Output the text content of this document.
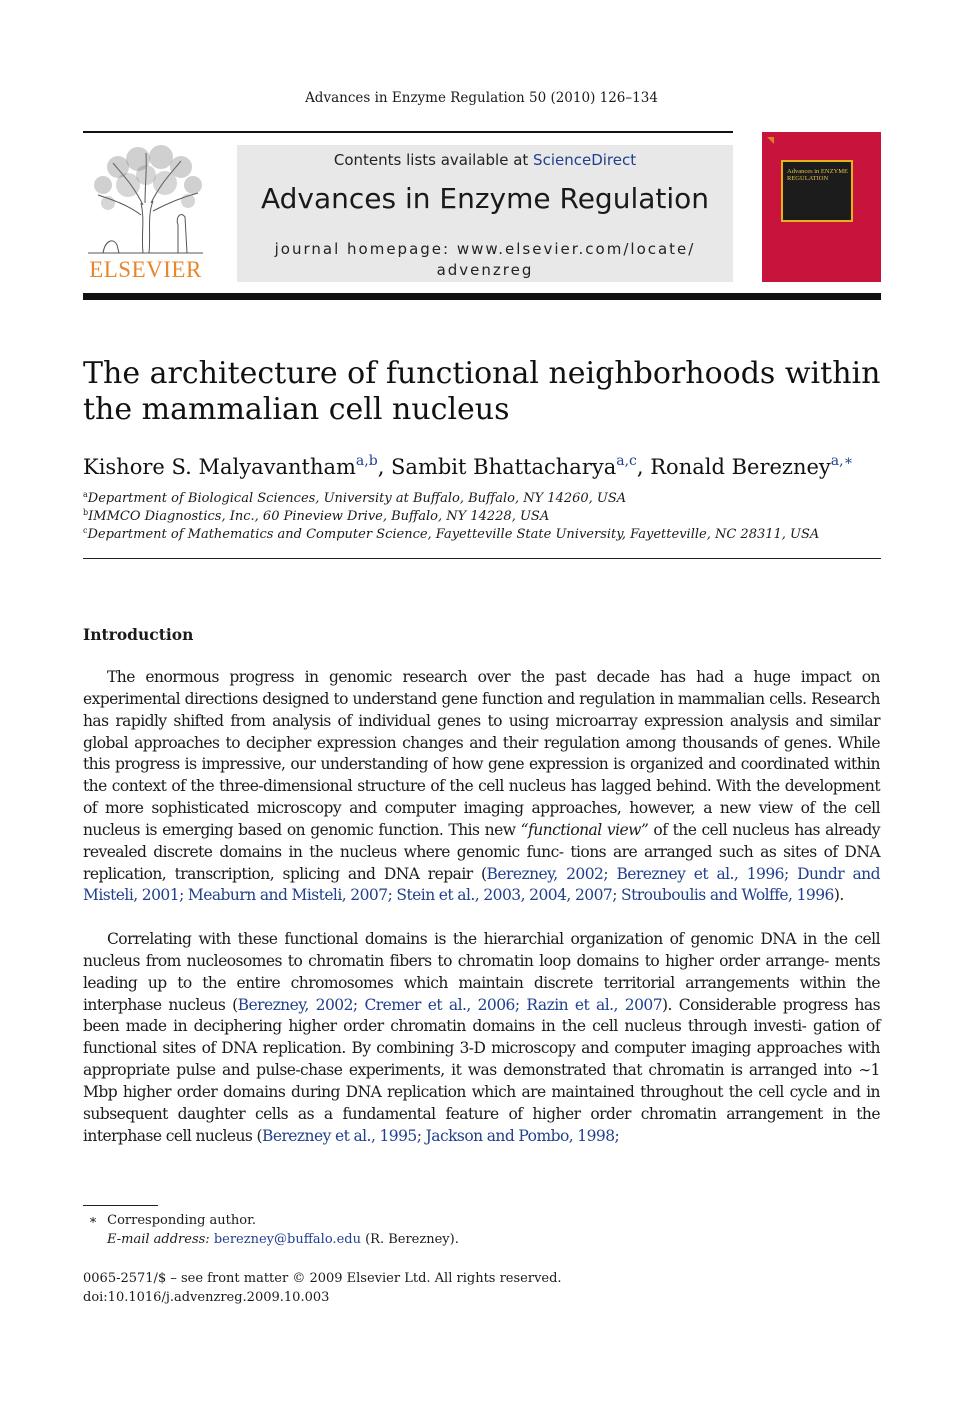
Advances in Enzyme Regulation 50 (2010) 126–134
ELSEVIER
Contents lists available at ScienceDirect
Advances in Enzyme Regulation
journal homepage: www.elsevier.com/locate/
advenzreg
Advances in ENZYME REGULATION
The architecture of functional neighborhoods within
the mammalian cell nucleus
Kishore S. Malyavantham$^{a,b}$, Sambit Bhattacharya$^{a,c}$, Ronald Berezney$^{a,∗}$
$^a$Department of Biological Sciences, University at Buffalo, Buffalo, NY 14260, USA
$^b$IMMCO Diagnostics, Inc., 60 Pineview Drive, Buffalo, NY 14228, USA
$^c$Department of Mathematics and Computer Science, Fayetteville State University, Fayetteville, NC 28311, USA
Introduction
The enormous progress in genomic research over the past decade has had a huge impact on experimental directions designed to understand gene function and regulation in mammalian cells. Research has rapidly shifted from analysis of individual genes to using microarray expression analysis and similar global approaches to decipher expression changes and their regulation among thousands of genes. While this progress is impressive, our understanding of how gene expression is organized and coordinated within the context of the three-dimensional structure of the cell nucleus has lagged behind. With the development of more sophisticated microscopy and computer imaging approaches, however, a new view of the cell nucleus is emerging based on genomic function. This new “functional view” of the cell nucleus has already revealed discrete domains in the nucleus where genomic func- tions are arranged such as sites of DNA replication, transcription, splicing and DNA repair (Berezney, 2002; Berezney et al., 1996; Dundr and Misteli, 2001; Meaburn and Misteli, 2007; Stein et al., 2003, 2004, 2007; Strouboulis and Wolffe, 1996).
Correlating with these functional domains is the hierarchial organization of genomic DNA in the cell nucleus from nucleosomes to chromatin fibers to chromatin loop domains to higher order arrange- ments leading up to the entire chromosomes which maintain discrete territorial arrangements within the interphase nucleus (Berezney, 2002; Cremer et al., 2006; Razin et al., 2007). Considerable progress has been made in deciphering higher order chromatin domains in the cell nucleus through investi- gation of functional sites of DNA replication. By combining 3-D microscopy and computer imaging approaches with appropriate pulse and pulse-chase experiments, it was demonstrated that chromatin is arranged into ∼1 Mbp higher order domains during DNA replication which are maintained throughout the cell cycle and in subsequent daughter cells as a fundamental feature of higher order chromatin arrangement in the interphase cell nucleus (Berezney et al., 1995; Jackson and Pombo, 1998;
∗ Corresponding author.
E-mail address: berezney@buffalo.edu (R. Berezney).
0065-2571/$ – see front matter © 2009 Elsevier Ltd. All rights reserved.
doi:10.1016/j.advenzreg.2009.10.003
